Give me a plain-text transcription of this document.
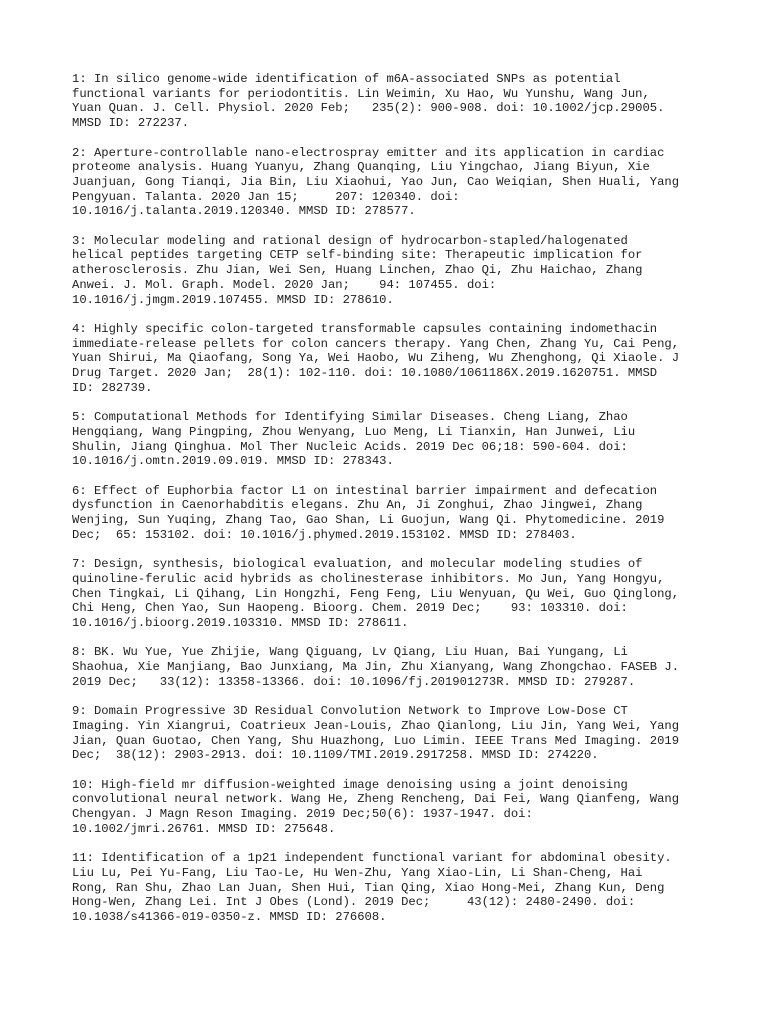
1: In silico genome-wide identification of m6A-associated SNPs as potential
functional variants for periodontitis. Lin Weimin, Xu Hao, Wu Yunshu, Wang Jun,
Yuan Quan. J. Cell. Physiol. 2020 Feb;   235(2): 900-908. doi: 10.1002/jcp.29005.
MMSD ID: 272237.
2: Aperture-controllable nano-electrospray emitter and its application in cardiac
proteome analysis. Huang Yuanyu, Zhang Quanqing, Liu Yingchao, Jiang Biyun, Xie
Juanjuan, Gong Tianqi, Jia Bin, Liu Xiaohui, Yao Jun, Cao Weiqian, Shen Huali, Yang
Pengyuan. Talanta. 2020 Jan 15;     207: 120340. doi:
10.1016/j.talanta.2019.120340. MMSD ID: 278577.
3: Molecular modeling and rational design of hydrocarbon-stapled/halogenated
helical peptides targeting CETP self-binding site: Therapeutic implication for
atherosclerosis. Zhu Jian, Wei Sen, Huang Linchen, Zhao Qi, Zhu Haichao, Zhang
Anwei. J. Mol. Graph. Model. 2020 Jan;    94: 107455. doi:
10.1016/j.jmgm.2019.107455. MMSD ID: 278610.
4: Highly specific colon-targeted transformable capsules containing indomethacin
immediate-release pellets for colon cancers therapy. Yang Chen, Zhang Yu, Cai Peng,
Yuan Shirui, Ma Qiaofang, Song Ya, Wei Haobo, Wu Ziheng, Wu Zhenghong, Qi Xiaole. J
Drug Target. 2020 Jan;  28(1): 102-110. doi: 10.1080/1061186X.2019.1620751. MMSD
ID: 282739.
5: Computational Methods for Identifying Similar Diseases. Cheng Liang, Zhao
Hengqiang, Wang Pingping, Zhou Wenyang, Luo Meng, Li Tianxin, Han Junwei, Liu
Shulin, Jiang Qinghua. Mol Ther Nucleic Acids. 2019 Dec 06;18: 590-604. doi:
10.1016/j.omtn.2019.09.019. MMSD ID: 278343.
6: Effect of Euphorbia factor L1 on intestinal barrier impairment and defecation
dysfunction in Caenorhabditis elegans. Zhu An, Ji Zonghui, Zhao Jingwei, Zhang
Wenjing, Sun Yuqing, Zhang Tao, Gao Shan, Li Guojun, Wang Qi. Phytomedicine. 2019
Dec;  65: 153102. doi: 10.1016/j.phymed.2019.153102. MMSD ID: 278403.
7: Design, synthesis, biological evaluation, and molecular modeling studies of
quinoline-ferulic acid hybrids as cholinesterase inhibitors. Mo Jun, Yang Hongyu,
Chen Tingkai, Li Qihang, Lin Hongzhi, Feng Feng, Liu Wenyuan, Qu Wei, Guo Qinglong,
Chi Heng, Chen Yao, Sun Haopeng. Bioorg. Chem. 2019 Dec;    93: 103310. doi:
10.1016/j.bioorg.2019.103310. MMSD ID: 278611.
8: BK. Wu Yue, Yue Zhijie, Wang Qiguang, Lv Qiang, Liu Huan, Bai Yungang, Li
Shaohua, Xie Manjiang, Bao Junxiang, Ma Jin, Zhu Xianyang, Wang Zhongchao. FASEB J.
2019 Dec;   33(12): 13358-13366. doi: 10.1096/fj.201901273R. MMSD ID: 279287.
9: Domain Progressive 3D Residual Convolution Network to Improve Low-Dose CT
Imaging. Yin Xiangrui, Coatrieux Jean-Louis, Zhao Qianlong, Liu Jin, Yang Wei, Yang
Jian, Quan Guotao, Chen Yang, Shu Huazhong, Luo Limin. IEEE Trans Med Imaging. 2019
Dec;  38(12): 2903-2913. doi: 10.1109/TMI.2019.2917258. MMSD ID: 274220.
10: High-field mr diffusion-weighted image denoising using a joint denoising
convolutional neural network. Wang He, Zheng Rencheng, Dai Fei, Wang Qianfeng, Wang
Chengyan. J Magn Reson Imaging. 2019 Dec;50(6): 1937-1947. doi:
10.1002/jmri.26761. MMSD ID: 275648.
11: Identification of a 1p21 independent functional variant for abdominal obesity.
Liu Lu, Pei Yu-Fang, Liu Tao-Le, Hu Wen-Zhu, Yang Xiao-Lin, Li Shan-Cheng, Hai
Rong, Ran Shu, Zhao Lan Juan, Shen Hui, Tian Qing, Xiao Hong-Mei, Zhang Kun, Deng
Hong-Wen, Zhang Lei. Int J Obes (Lond). 2019 Dec;     43(12): 2480-2490. doi:
10.1038/s41366-019-0350-z. MMSD ID: 276608.
